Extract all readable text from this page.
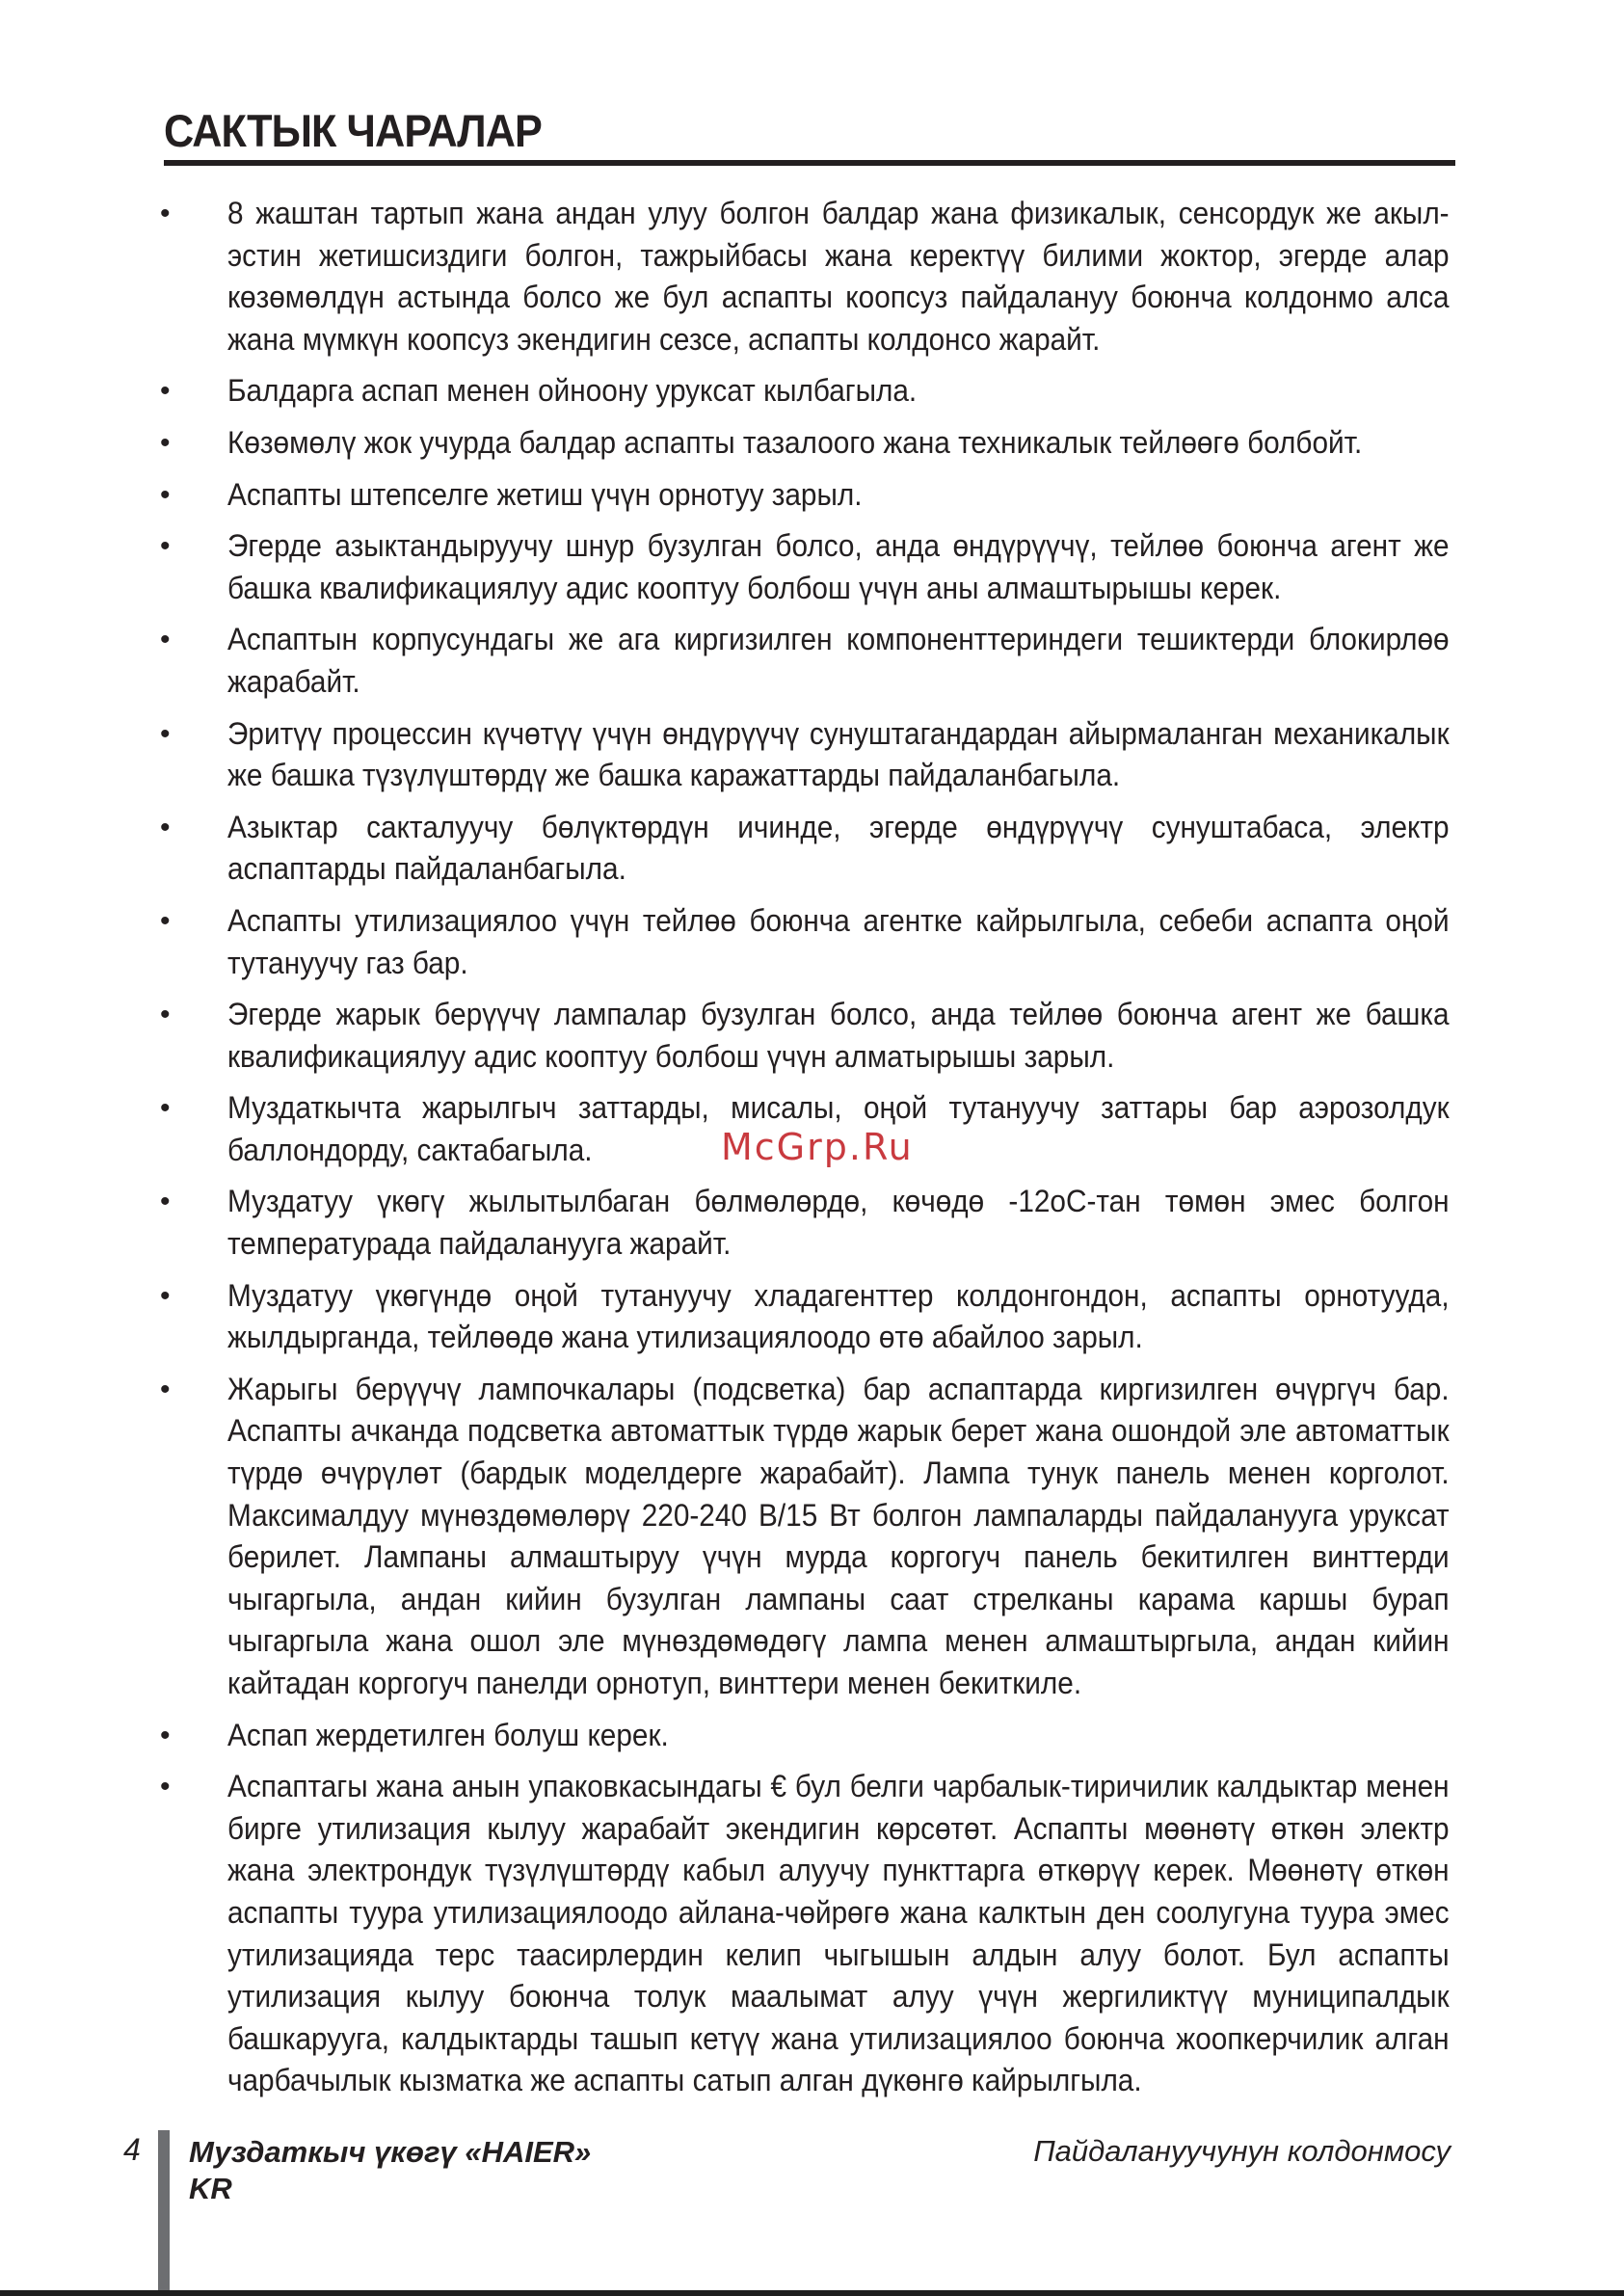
САКТЫК ЧАРАЛАР
• 8 жаштан тартып жана андан улуу болгон балдар жана физикалык, сенсордук же акыл-эстин жетишсиздиги болгон, тажрыйбасы жана керектүү билими жоктор, эгерде алар көзөмөлдүн астында болсо же бул аспапты коопсуз пайдалануу боюнча колдонмо алса жана мүмкүн коопсуз экендигин сезсе, аспапты колдонсо жарайт.
• Балдарга аспап менен ойноону уруксат кылбагыла.
• Көзөмөлү жок учурда балдар аспапты тазалоого жана техникалык тейлөөгө болбойт.
• Аспапты штепселге жетиш үчүн орнотуу зарыл.
• Эгерде азыктандыруучу шнур бузулган болсо, анда өндүрүүчү, тейлөө боюнча агент же башка квалификациялуу адис кооптуу болбош үчүн аны алмаштырышы керек.
• Аспаптын корпусундагы же ага киргизилген компоненттериндеги тешиктерди блокирлөө жарабайт.
• Эритүү процессин күчөтүү үчүн өндүрүүчү сунуштагандардан айырмаланган механикалык же башка түзүлүштөрдү же башка каражаттарды пайдаланбагыла.
• Азыктар сакталуучу бөлүктөрдүн ичинде, эгерде өндүрүүчү сунуштабаса, электр аспаптарды пайдаланбагыла.
• Аспапты утилизациялоо үчүн тейлөө боюнча агентке кайрылгыла, себеби аспапта оңой тутануучу газ бар.
• Эгерде жарык берүүчү лампалар бузулган болсо, анда тейлөө боюнча агент же башка квалификациялуу адис кооптуу болбош үчүн алматырышы зарыл.
• Муздаткычта жарылгыч заттарды, мисалы, оңой тутануучу заттары бар аэрозолдук баллондорду, сактабагыла.
• Муздатуу үкөгү жылытылбаган бөлмөлөрдө, көчөдө -12оС-тан төмөн эмес болгон температурада пайдаланууга жарайт.
• Муздатуу үкөгүндө оңой тутануучу хладагенттер колдонгондон, аспапты орнотууда, жылдырганда, тейлөөдө жана утилизациялоодо өтө абайлоо зарыл.
• Жарыгы берүүчү лампочкалары (подсветка) бар аспаптарда киргизилген өчүргүч бар. Аспапты ачканда подсветка автоматтык түрдө жарык берет жана ошондой эле автоматтык түрдө өчүрүлөт (бардык моделдерге жарабайт). Лампа тунук панель менен корголот. Максималдуу мүнөздөмөлөрү 220-240 В/15 Вт болгон лампаларды пайдаланууга уруксат берилет. Лампаны алмаштыруу үчүн мурда коргогуч панель бекитилген винттерди чыгаргыла, андан кийин бузулган лампаны саат стрелканы карама каршы бурап чыгаргыла жана ошол эле мүнөздөмөдөгү лампа менен алмаштыргыла, андан кийин кайтадан коргогуч панелди орнотуп, винттери менен бекиткиле.
• Аспап жердетилген болуш керек.
• Аспаптагы жана анын упаковкасындагы € бул белги чарбалык-тиричилик калдыктар менен бирге утилизация кылуу жарабайт экендигин көрсөтөт. Аспапты мөөнөтү өткөн электр жана электрондук түзүлүштөрдү кабыл алуучу пункттарга өткөрүү керек. Мөөнөтү өткөн аспапты туура утилизациялоодо айлана-чөйрөгө жана калктын ден соолугуна туура эмес утилизацияда терс таасирлердин келип чыгышын алдын алуу болот. Бул аспапты утилизация кылуу боюнча толук маалымат алуу үчүн жергиликтүү муниципалдык башкарууга, калдыктарды ташып кетүү жана утилизациялоо боюнча жоопкерчилик алган чарбачылык кызматка же аспапты сатып алган дүкөнгө кайрылгыла.
McGrp.Ru
4 Муздаткыч үкөгү «HAIER»
KR
Пайдалануучунун колдонмосу
